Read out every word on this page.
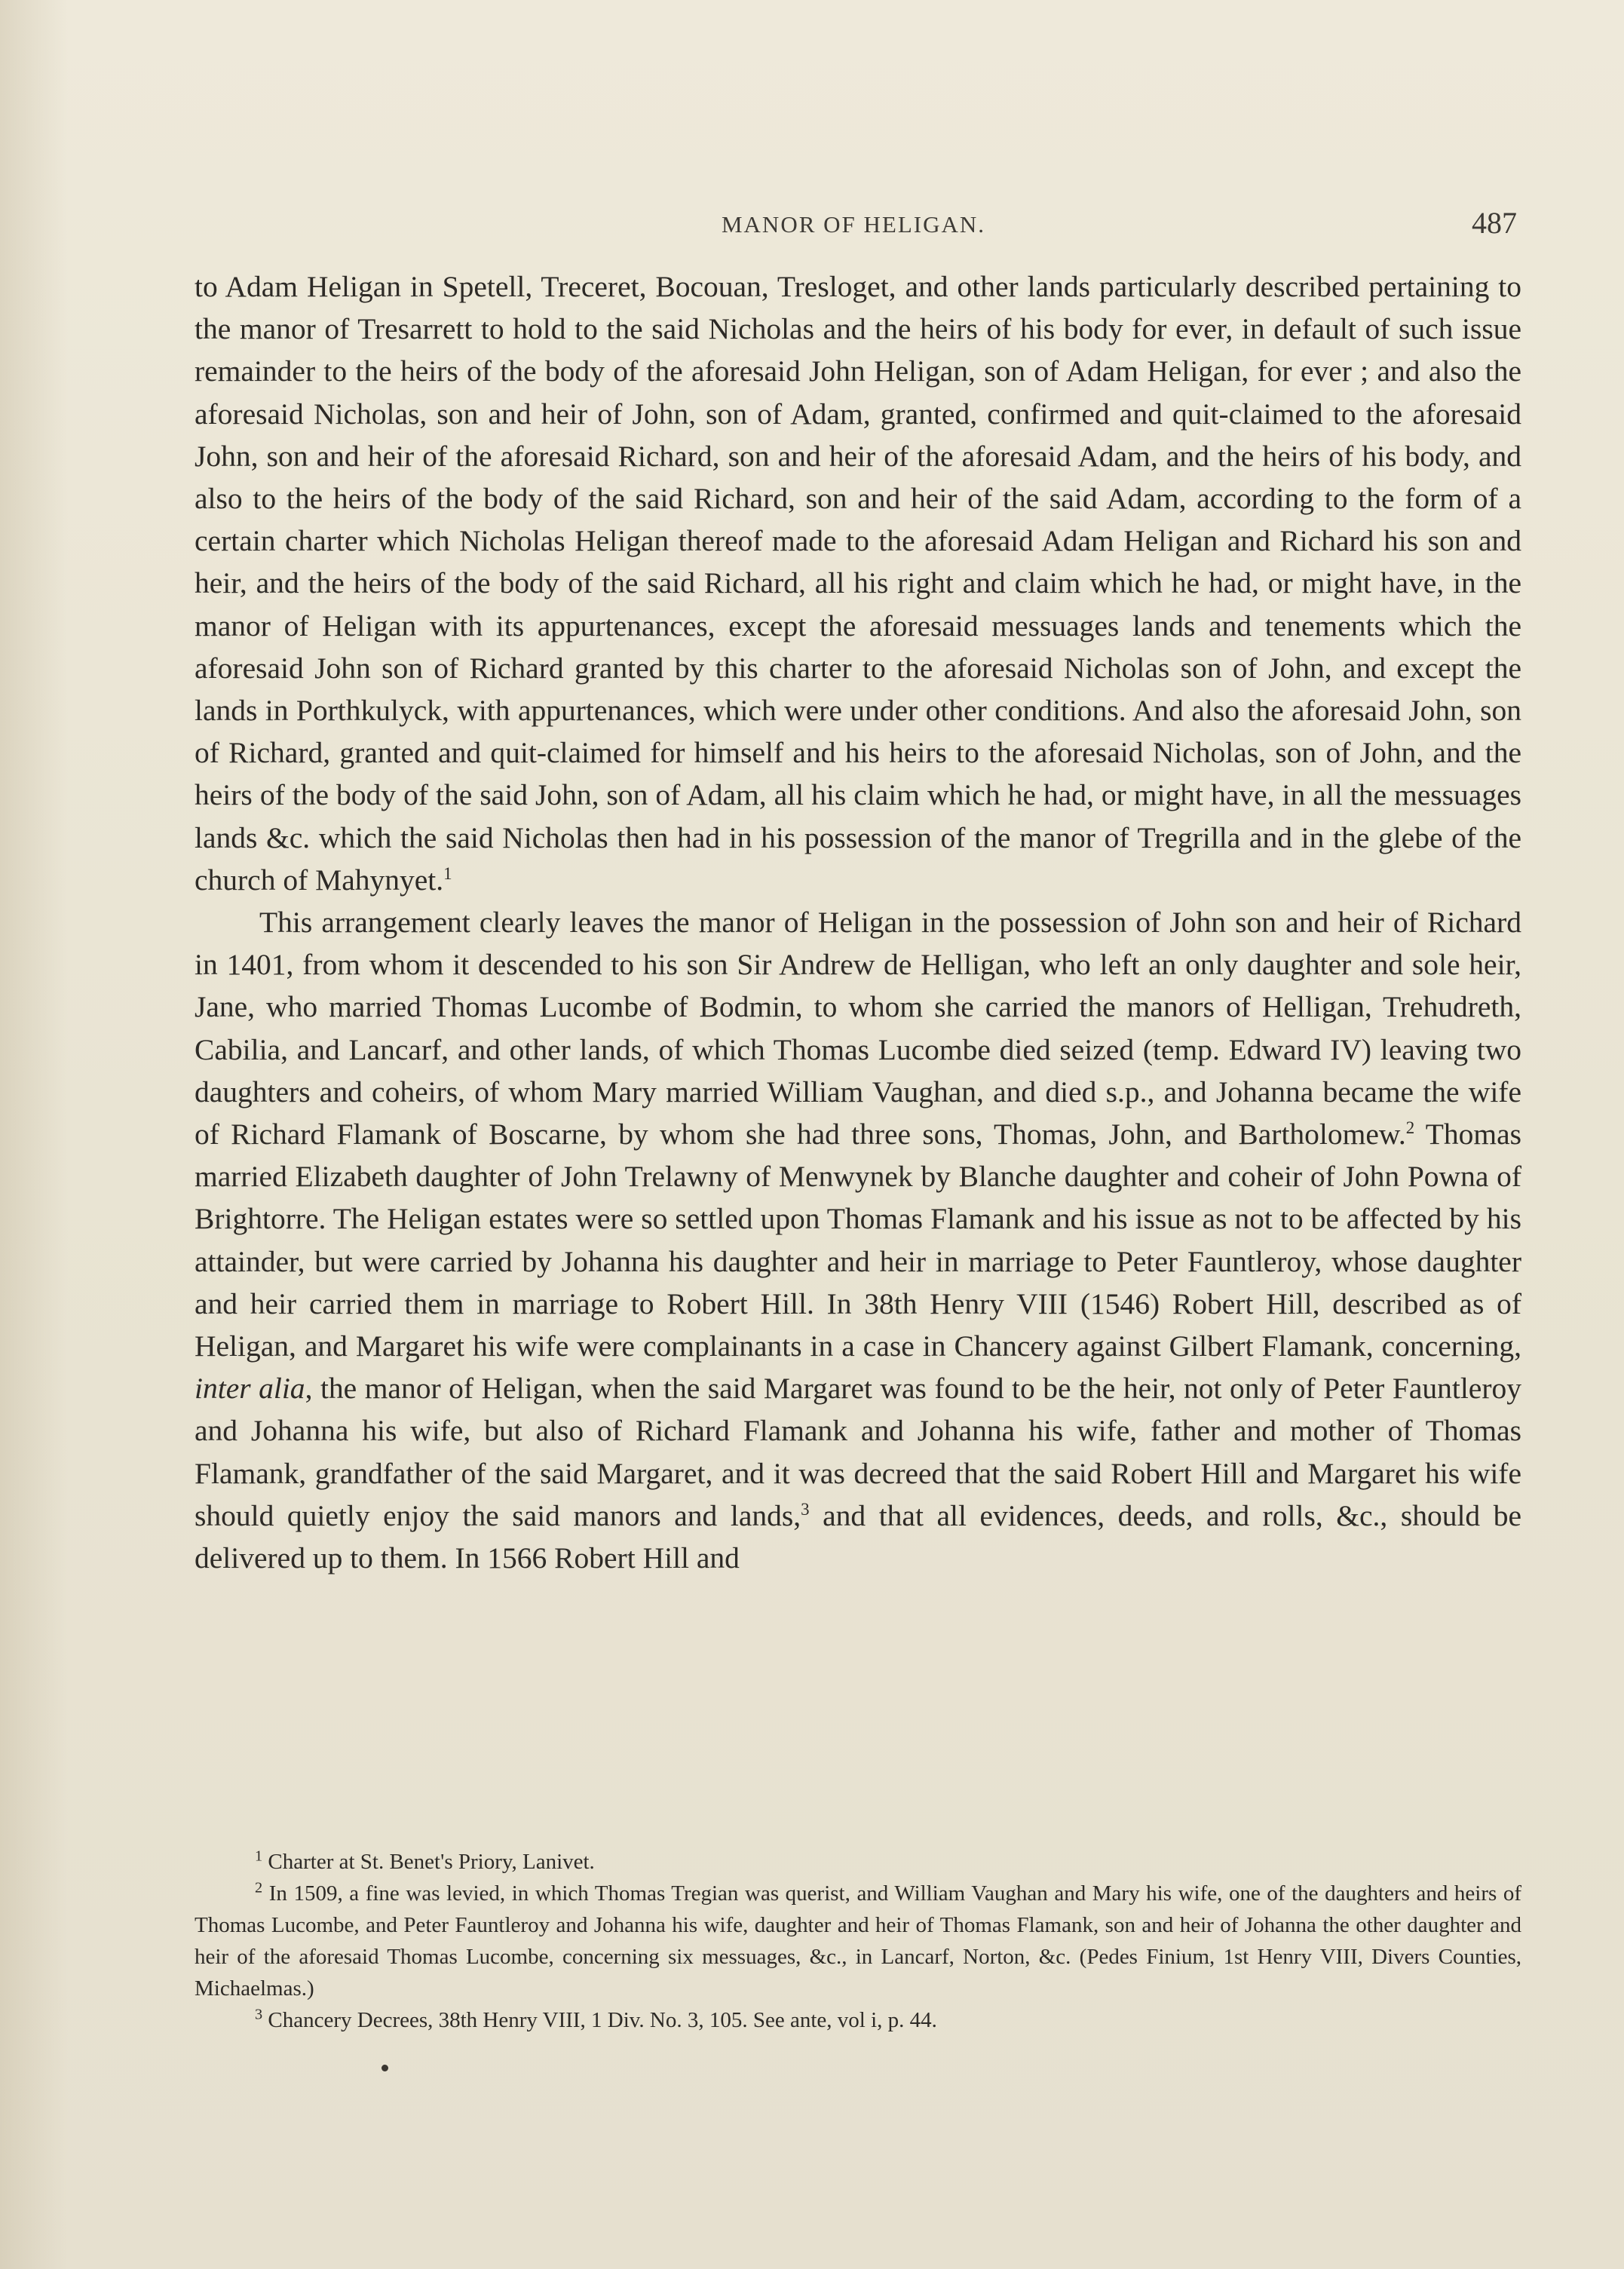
MANOR OF HELIGAN.	487

to Adam Heligan in Spetell, Treceret, Bocouan, Tresloget, and other lands particularly described pertaining to the manor of Tresarrett to hold to the said Nicholas and the heirs of his body for ever, in default of such issue remainder to the heirs of the body of the aforesaid John Heligan, son of Adam Heligan, for ever ; and also the aforesaid Nicholas, son and heir of John, son of Adam, granted, confirmed and quit-claimed to the aforesaid John, son and heir of the aforesaid Richard, son and heir of the aforesaid Adam, and the heirs of his body, and also to the heirs of the body of the said Richard, son and heir of the said Adam, according to the form of a certain charter which Nicholas Heligan thereof made to the aforesaid Adam Heligan and Richard his son and heir, and the heirs of the body of the said Richard, all his right and claim which he had, or might have, in the manor of Heligan with its appurtenances, except the aforesaid messuages lands and tenements which the aforesaid John son of Richard granted by this charter to the aforesaid Nicholas son of John, and except the lands in Porthkulyck, with appurtenances, which were under other conditions. And also the aforesaid John, son of Richard, granted and quit-claimed for himself and his heirs to the aforesaid Nicholas, son of John, and the heirs of the body of the said John, son of Adam, all his claim which he had, or might have, in all the messuages lands &c. which the said Nicholas then had in his possession of the manor of Tregrilla and in the glebe of the church of Mahynyet.$^1$

This arrangement clearly leaves the manor of Heligan in the possession of John son and heir of Richard in 1401, from whom it descended to his son Sir Andrew de Helligan, who left an only daughter and sole heir, Jane, who married Thomas Lucombe of Bodmin, to whom she carried the manors of Helligan, Trehudreth, Cabilia, and Lancarf, and other lands, of which Thomas Lucombe died seized (temp. Edward IV) leaving two daughters and coheirs, of whom Mary married William Vaughan, and died s.p., and Johanna became the wife of Richard Flamank of Boscarne, by whom she had three sons, Thomas, John, and Bartholomew.$^2$ Thomas married Elizabeth daughter of John Trelawny of Menwynek by Blanche daughter and coheir of John Powna of Brightorre. The Heligan estates were so settled upon Thomas Flamank and his issue as not to be affected by his attainder, but were carried by Johanna his daughter and heir in marriage to Peter Fauntleroy, whose daughter and heir carried them in marriage to Robert Hill. In 38th Henry VIII (1546) Robert Hill, described as of Heligan, and Margaret his wife were complainants in a case in Chancery against Gilbert Flamank, concerning, inter alia, the manor of Heligan, when the said Margaret was found to be the heir, not only of Peter Fauntleroy and Johanna his wife, but also of Richard Flamank and Johanna his wife, father and mother of Thomas Flamank, grandfather of the said Margaret, and it was decreed that the said Robert Hill and Margaret his wife should quietly enjoy the said manors and lands,$^3$ and that all evidences, deeds, and rolls, &c., should be delivered up to them. In 1566 Robert Hill and

$^1$ Charter at St. Benet's Priory, Lanivet.

$^2$ In 1509, a fine was levied, in which Thomas Tregian was querist, and William Vaughan and Mary his wife, one of the daughters and heirs of Thomas Lucombe, and Peter Fauntleroy and Johanna his wife, daughter and heir of Thomas Flamank, son and heir of Johanna the other daughter and heir of the aforesaid Thomas Lucombe, concerning six messuages, &c., in Lancarf, Norton, &c. (Pedes Finium, 1st Henry VIII, Divers Counties, Michaelmas.)

$^3$ Chancery Decrees, 38th Henry VIII, 1 Div. No. 3, 105. See ante, vol i, p. 44.
